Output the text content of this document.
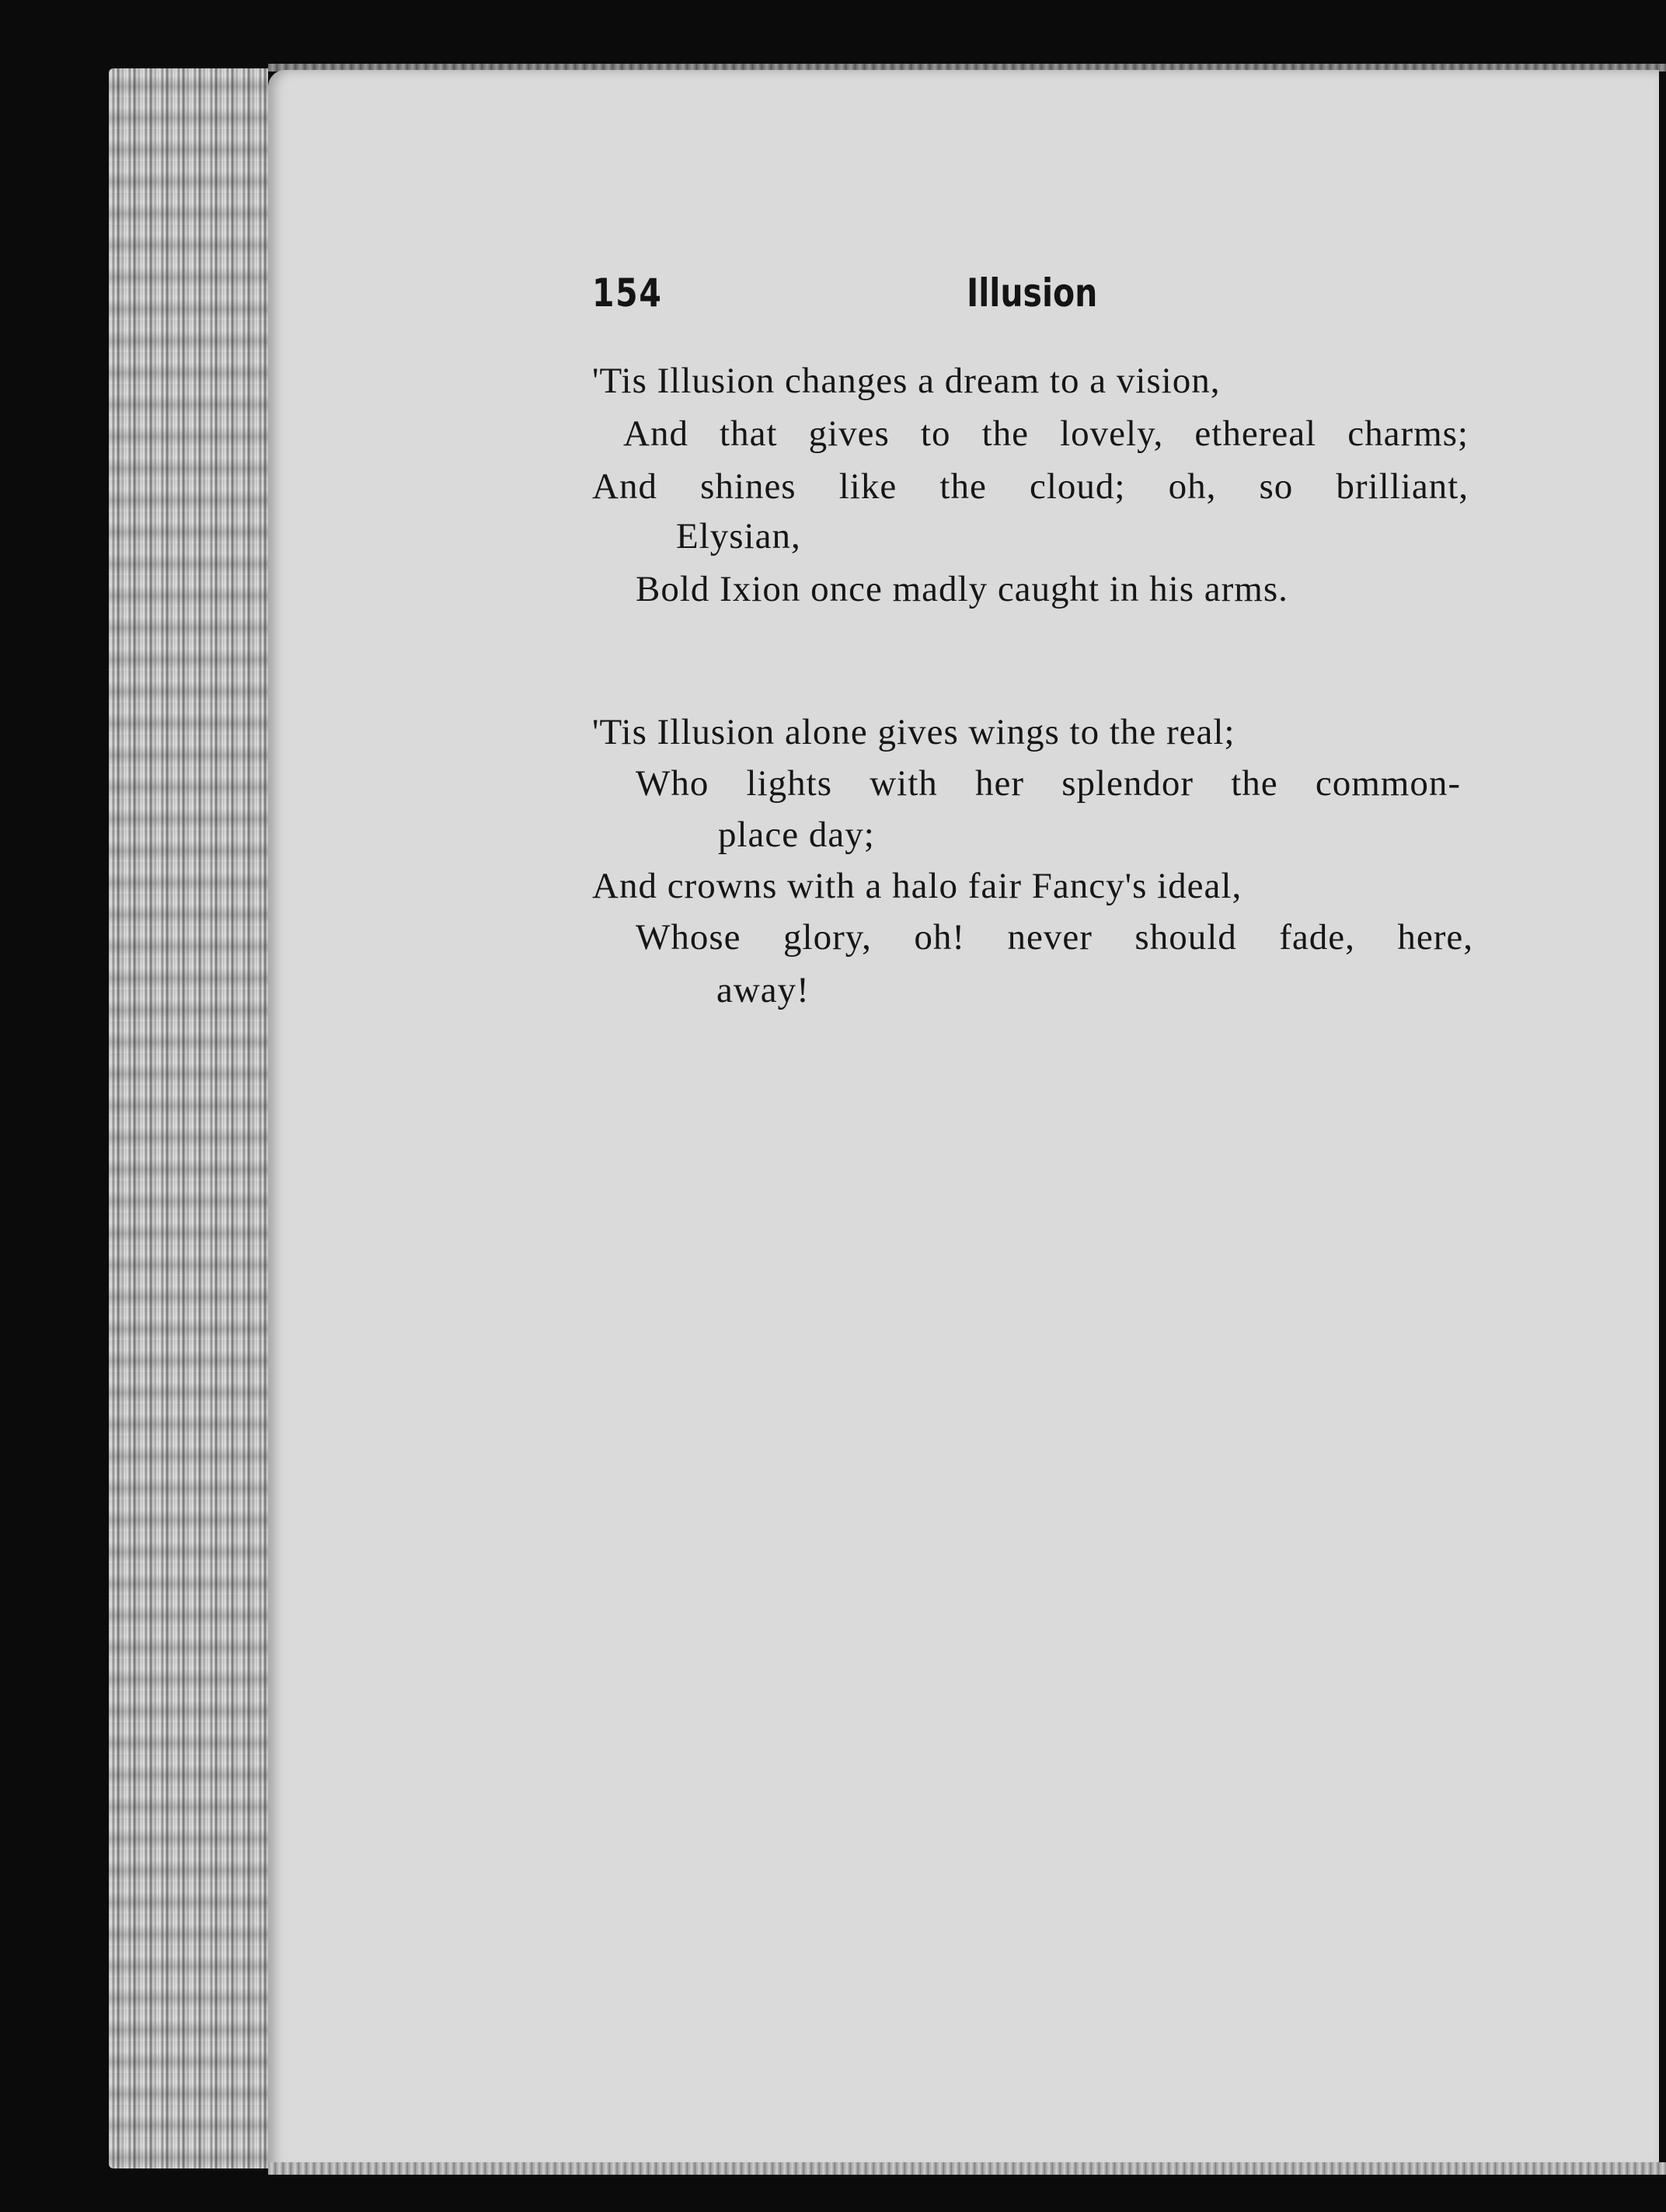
154	Illusion
'Tis Illusion changes a dream to a vision,
And that gives to the lovely, ethereal charms;
And shines like the cloud; oh, so brilliant,
Elysian,
Bold Ixion once madly caught in his arms.
'Tis Illusion alone gives wings to the real;
Who lights with her splendor the common-
place day;
And crowns with a halo fair Fancy's ideal,
Whose glory, oh! never should fade, here,
away!
